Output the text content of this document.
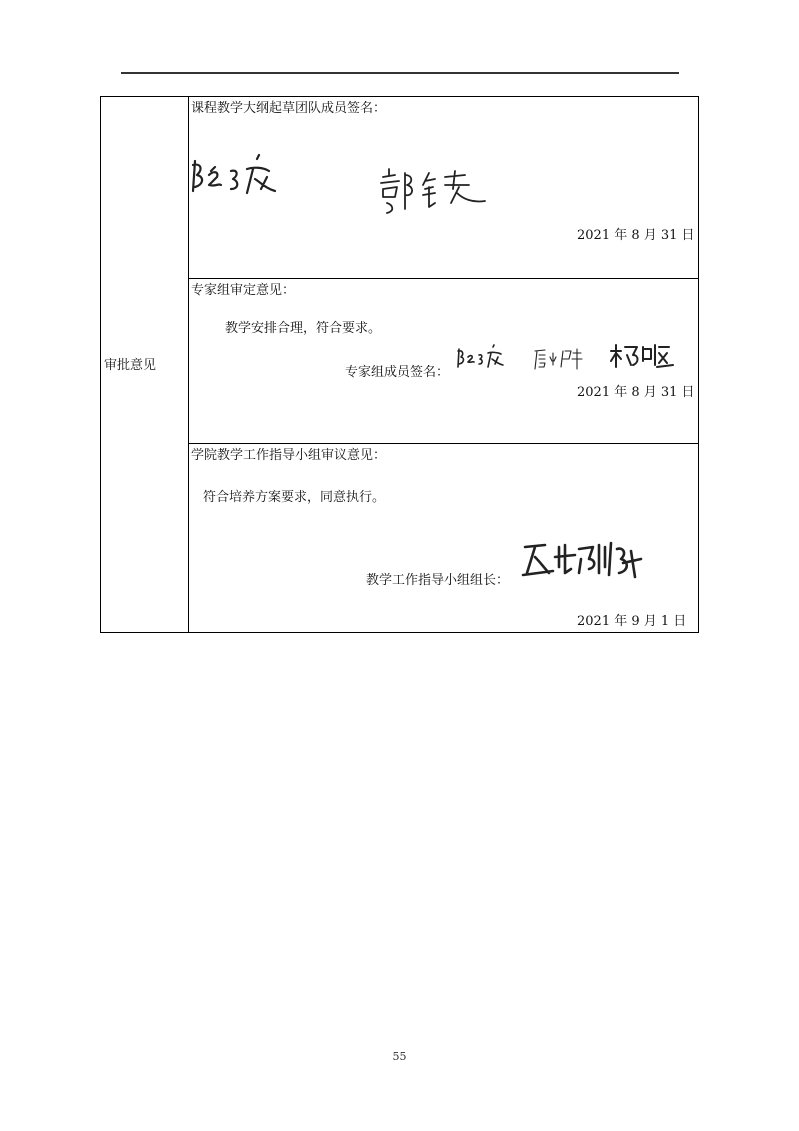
审批意见
课程教学大纲起草团队成员签名：
2021 年 8 月 31 日
专家组审定意见：
教学安排合理，符合要求。
专家组成员签名：
2021 年 8 月 31 日
学院教学工作指导小组审议意见：
符合培养方案要求，同意执行。
教学工作指导小组组长：
2021 年 9 月 1 日
55
